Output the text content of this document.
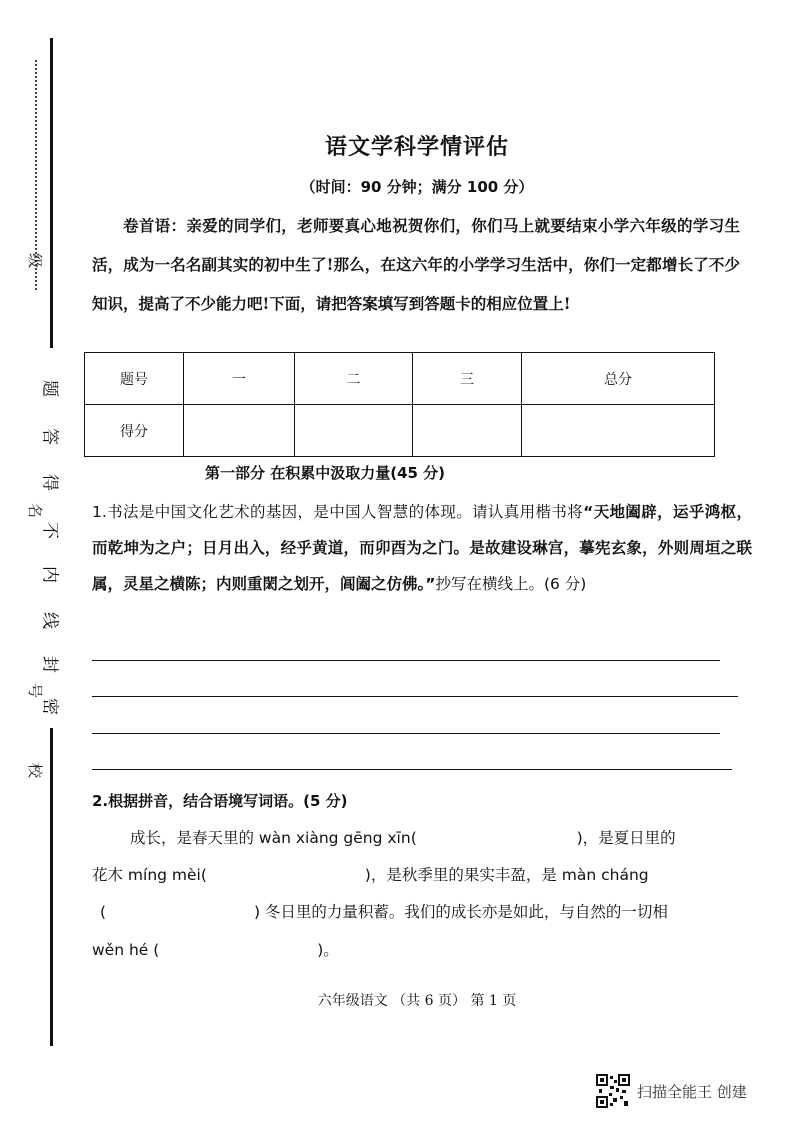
级
名
号
校
题
答
得
不
内
线
封
密
语文学科学情评估
（时间：90 分钟；满分 100 分）
卷首语：亲爱的同学们，老师要真心地祝贺你们，你们马上就要结束小学六年级的学习生活，成为一名名副其实的初中生了!那么，在这六年的小学学习生活中，你们一定都增长了不少知识，提高了不少能力吧!下面，请把答案填写到答题卡的相应位置上!
题号	一	二	三	总分
得分				
第一部分 在积累中汲取力量(45 分)
1.书法是中国文化艺术的基因，是中国人智慧的体现。请认真用楷书将“天地阖辟，运乎鸿枢，而乾坤为之户；日月出入，经乎黄道，而卯酉为之门。是故建设琳宫，摹宪玄象，外则周垣之联属，灵星之横陈；内则重閎之划开，阊阖之仿佛。”抄写在横线上。(6 分)
2.根据拼音，结合语境写词语。(5 分)
成长，是春天里的 wàn xiàng gēng xīn(	)，是夏日里的
花木 míng mèi(	)，是秋季里的果实丰盈，是 màn cháng
(	) 冬日里的力量积蓄。我们的成长亦是如此，与自然的一切相
wěn hé (	)。
六年级语文 （共 6 页） 第 1 页
扫描全能王 创建
